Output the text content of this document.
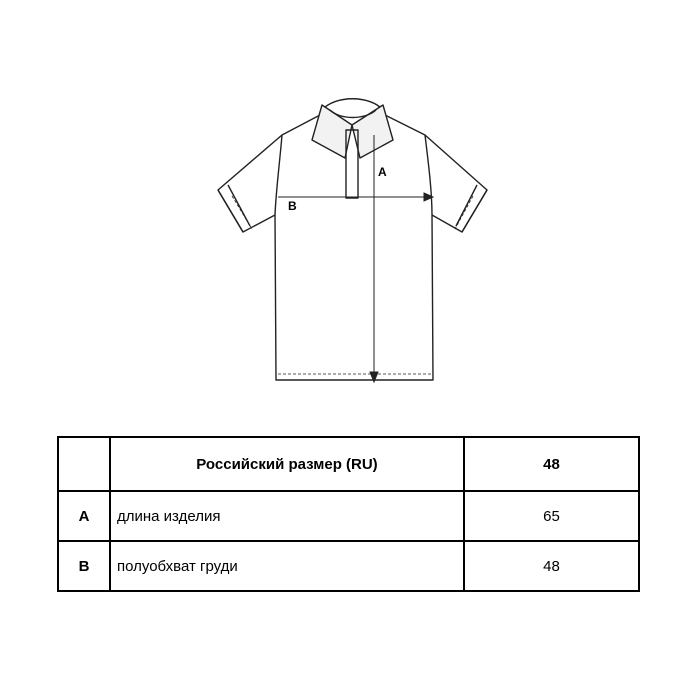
A
B
	Российский размер (RU)	48
A	длина изделия	65
B	полуобхват груди	48
